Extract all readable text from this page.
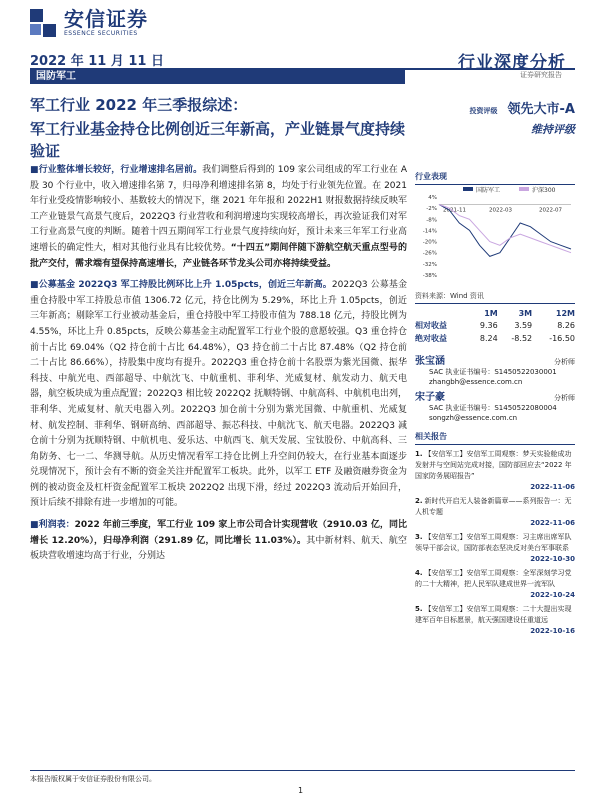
安信证券
ESSENCE SECURITIES
2022 年 11 月 11 日	行业深度分析
证券研究报告
国防军工
军工行业 2022 年三季报综述：
军工行业基金持仓比例创近三年新高，产业链景气度持续验证

■行业整体增长较好，行业增速排名居前。我们调整后得到的 109 家公司组成的军工行业在 A 股 30 个行业中，收入增速排名第 7，归母净利增速排名第 8，均处于行业领先位置。在 2021 年行业受疫情影响较小、基数较大的情况下，继 2021 年年报和 2022H1 财报数据持续反映军工产业链景气高景气度后，2022Q3 行业营收和利润增速均实现较高增长，再次验证我们对军工行业高景气度的判断。随着十四五期间军工行业景气度持续向好，预计未来三年军工行业高速增长的确定性大，相对其他行业具有比较优势。“十四五”期间伴随下游航空航天重点型号的批产交付，需求端有望保持高速增长，产业链各环节龙头公司亦将持续受益。

■公募基金 2022Q3 军工持股比例环比上升 1.05pcts，创近三年新高。2022Q3 公募基金重仓持股中军工持股总市值 1306.72 亿元，持仓比例为 5.29%，环比上升 1.05pcts，创近三年新高；剔除军工行业被动基金后，重仓持股中军工持股市值为 788.18 亿元，持股比例为 4.55%，环比上升 0.85pcts，反映公募基金主动配置军工行业个股的意愿较强。Q3 重仓持仓前十占比 69.04%（Q2 持仓前十占比 64.48%），Q3 持仓前二十占比 87.48%（Q2 持仓前二十占比 86.66%），持股集中度均有提升。2022Q3 重仓持仓前十名股票为紫光国微、振华科技、中航光电、西部超导、中航沈飞、中航重机、菲利华、光威复材、航发动力、航天电器，航空板块成为重点配置；2022Q3 相比较 2022Q2 抚顺特钢、中航高科、中航机电出列，菲利华、光威复材、航天电器入列。2022Q3 加仓前十分别为紫光国微、中航重机、光威复材、航发控制、菲利华、钢研高纳、西部超导、振芯科技、中航沈飞、航天电器。2022Q3 减仓前十分别为抚顺特钢、中航机电、爱乐达、中航西飞、航天发展、宝钛股份、中航高科、三角防务、七一二、华测导航。从历史情况看军工持仓比例上升空间仍较大，在行业基本面逐步兑现情况下，预计会有不断的资金关注并配置军工板块。此外，以军工 ETF 及融资融券资金为例的被动资金及杠杆资金配置军工板块 2022Q2 出现下滑，经过 2022Q3 流动后开始回升，预计后续不排除有进一步增加的可能。

■利润表：2022 年前三季度，军工行业 109 家上市公司合计实现营收（2910.03 亿，同比增长 12.20%），归母净利润（291.89 亿，同比增长 11.03%）。其中新材料、航天、航空板块营收增速均高于行业，分别达

投资评级 领先大市-A
维持评级
行业表现
国防军工	沪深300
4%
-2%
-8%
-14%
-20%
-26%
-32%
-38%
2021-11	2022-03	2022-07
资料来源：Wind 资讯
	1M	3M	12M
相对收益	9.36	3.59	8.26
绝对收益	8.24	-8.52	-16.50
张宝涵	分析师
SAC 执业证书编号：S1450522030001
zhangbh@essence.com.cn
宋子豪	分析师
SAC 执业证书编号：S1450522080004
songzh@essence.com.cn
相关报告
1. 【安信军工】安信军工周观察：梦天实验舱成功发射并与空间站完成对接，国防部回应去“2022 年国家防务展昭报告”
2022-11-06
2. 新时代开启无人装备新篇章——系列报告一：无人机专题
2022-11-06
3. 【安信军工】安信军工周观察：习主席出席军队领导干部会议，国防部表态坚决反对美台军事联系
2022-10-30
4. 【安信军工】安信军工周观察：全军深刻学习党的二十大精神，把人民军队建成世界一流军队
2022-10-24
5. 【安信军工】安信军工周观察：二十大提出实现建军百年目标愿景，航天强国建设任重道远
2022-10-16
本报告版权属于安信证券股份有限公司。
1
